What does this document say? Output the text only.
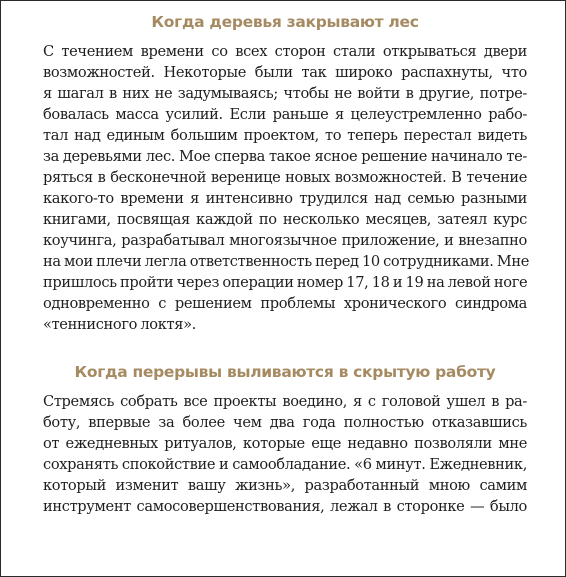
Когда деревья закрывают лес
С течением времени со всех сторон стали открываться двери
возможностей. Некоторые были так широко распахнуты, что
я шагал в них не задумываясь; чтобы не войти в другие, потре-
бовалась масса усилий. Если раньше я целеустремленно рабо-
тал над единым большим проектом, то теперь перестал видеть
за деревьями лес. Мое сперва такое ясное решение начинало те-
ряться в бесконечной веренице новых возможностей. В течение
какого-то времени я интенсивно трудился над семью разными
книгами, посвящая каждой по несколько месяцев, затеял курс
коучинга, разрабатывал многоязычное приложение, и внезапно
на мои плечи легла ответственность перед 10 сотрудниками. Мне
пришлось пройти через операции номер 17, 18 и 19 на левой ноге
одновременно с решением проблемы хронического синдрома
«теннисного локтя».
Когда перерывы выливаются в скрытую работу
Стремясь собрать все проекты воедино, я с головой ушел в ра-
боту, впервые за более чем два года полностью отказавшись
от ежедневных ритуалов, которые еще недавно позволяли мне
сохранять спокойствие и самообладание. «6 минут. Ежедневник,
который изменит вашу жизнь», разработанный мною самим
инструмент самосовершенствования, лежал в сторонке — было
